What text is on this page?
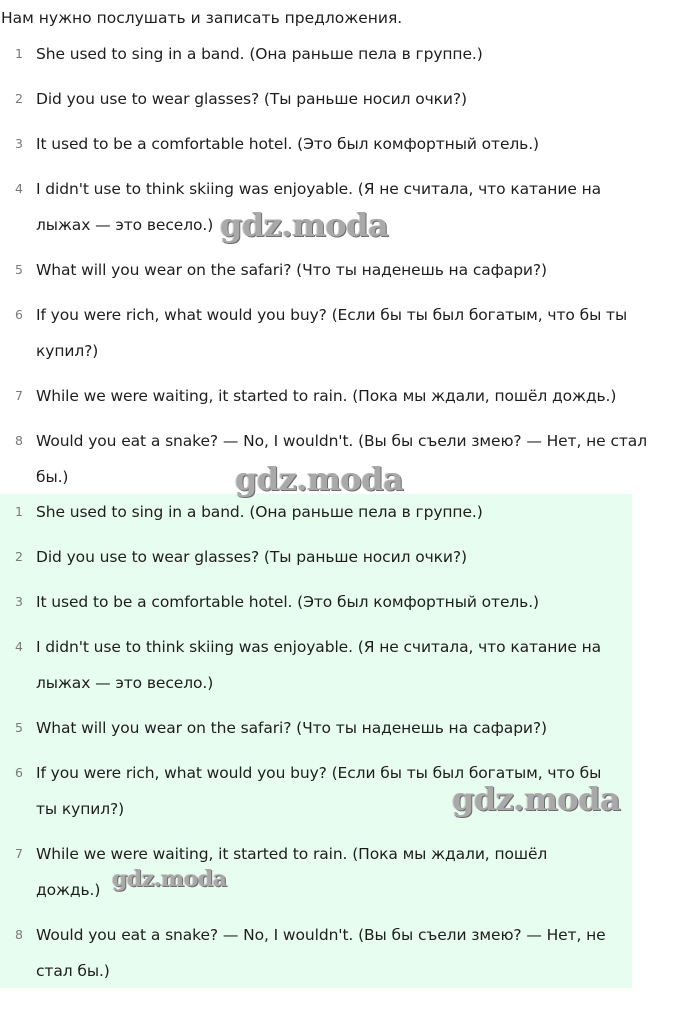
Нам нужно послушать и записать предложения.
1 She used to sing in a band. (Она раньше пела в группе.)
2 Did you use to wear glasses? (Ты раньше носил очки?)
3 It used to be a comfortable hotel. (Это был комфортный отель.)
4 I didn't use to think skiing was enjoyable. (Я не считала, что катание на
лыжах — это весело.)
5 What will you wear on the safari? (Что ты наденешь на сафари?)
6 If you were rich, what would you buy? (Если бы ты был богатым, что бы ты
купил?)
7 While we were waiting, it started to rain. (Пока мы ждали, пошёл дождь.)
8 Would you eat a snake? — No, I wouldn't. (Вы бы съели змею? — Нет, не стал
бы.)
1 She used to sing in a band. (Она раньше пела в группе.)
2 Did you use to wear glasses? (Ты раньше носил очки?)
3 It used to be a comfortable hotel. (Это был комфортный отель.)
4 I didn't use to think skiing was enjoyable. (Я не считала, что катание на
лыжах — это весело.)
5 What will you wear on the safari? (Что ты наденешь на сафари?)
6 If you were rich, what would you buy? (Если бы ты был богатым, что бы
ты купил?)
7 While we were waiting, it started to rain. (Пока мы ждали, пошёл
дождь.)
8 Would you eat a snake? — No, I wouldn't. (Вы бы съели змею? — Нет, не
стал бы.)
gdz.moda
gdz.moda
gdz.moda
gdz.moda
